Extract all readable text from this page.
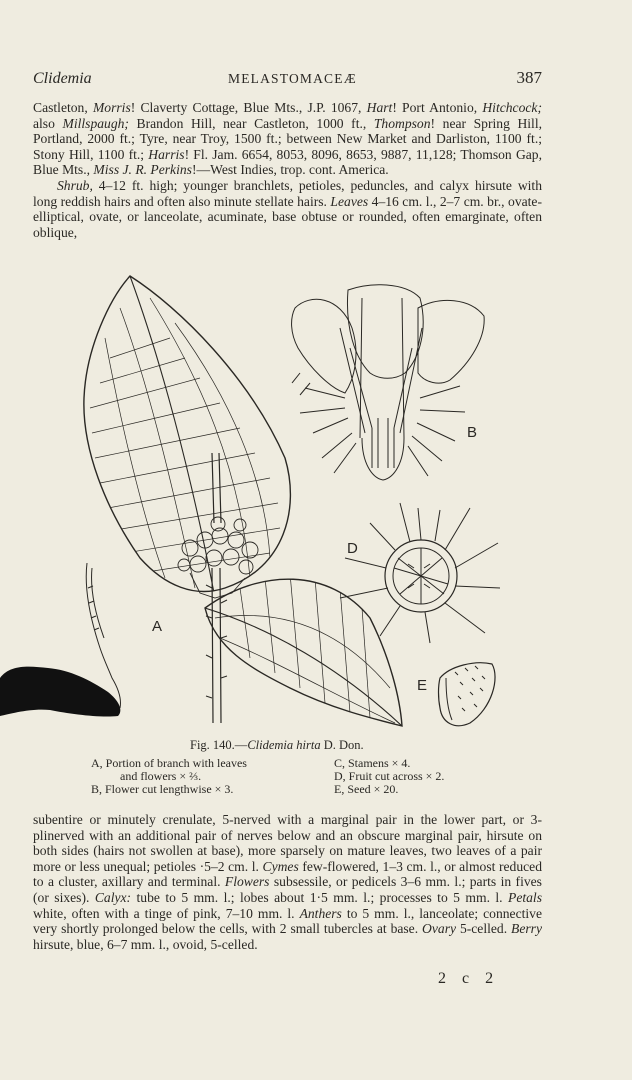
Clidemia	MELASTOMACEÆ	387

Castleton, Morris! Claverty Cottage, Blue Mts., J.P. 1067, Hart! Port Antonio, Hitchcock; also Millspaugh; Brandon Hill, near Castleton, 1000 ft., Thompson! near Spring Hill, Portland, 2000 ft.; Tyre, near Troy, 1500 ft.; between New Market and Darliston, 1100 ft.; Stony Hill, 1100 ft.; Harris! Fl. Jam. 6654, 8053, 8096, 8653, 9887, 11,128; Thomson Gap, Blue Mts., Miss J. R. Perkins!—West Indies, trop. cont. America.

Shrub, 4–12 ft. high; younger branchlets, petioles, peduncles, and calyx hirsute with long reddish hairs and often also minute stellate hairs. Leaves 4–16 cm. l., 2–7 cm. br., ovate-elliptical, ovate, or lanceolate, acuminate, base obtuse or rounded, often emarginate, often oblique,

B
D
A
E
Fig. 140.—Clidemia hirta D. Don.
A, Portion of branch with leaves
and flowers × ⅔.
B, Flower cut lengthwise × 3.
C, Stamens × 4.
D, Fruit cut across × 2.
E, Seed × 20.

subentire or minutely crenulate, 5-nerved with a marginal pair in the lower part, or 3-plinerved with an additional pair of nerves below and an obscure marginal pair, hirsute on both sides (hairs not swollen at base), more sparsely on mature leaves, two leaves of a pair more or less unequal; petioles ·5–2 cm. l. Cymes few-flowered, 1–3 cm. l., or almost reduced to a cluster, axillary and terminal. Flowers subsessile, or pedicels 3–6 mm. l.; parts in fives (or sixes). Calyx: tube to 5 mm. l.; lobes about 1·5 mm. l.; processes to 5 mm. l. Petals white, often with a tinge of pink, 7–10 mm. l. Anthers to 5 mm. l., lanceolate; connective very shortly prolonged below the cells, with 2 small tubercles at base. Ovary 5-celled. Berry hirsute, blue, 6–7 mm. l., ovoid, 5-celled.

2 c 2
